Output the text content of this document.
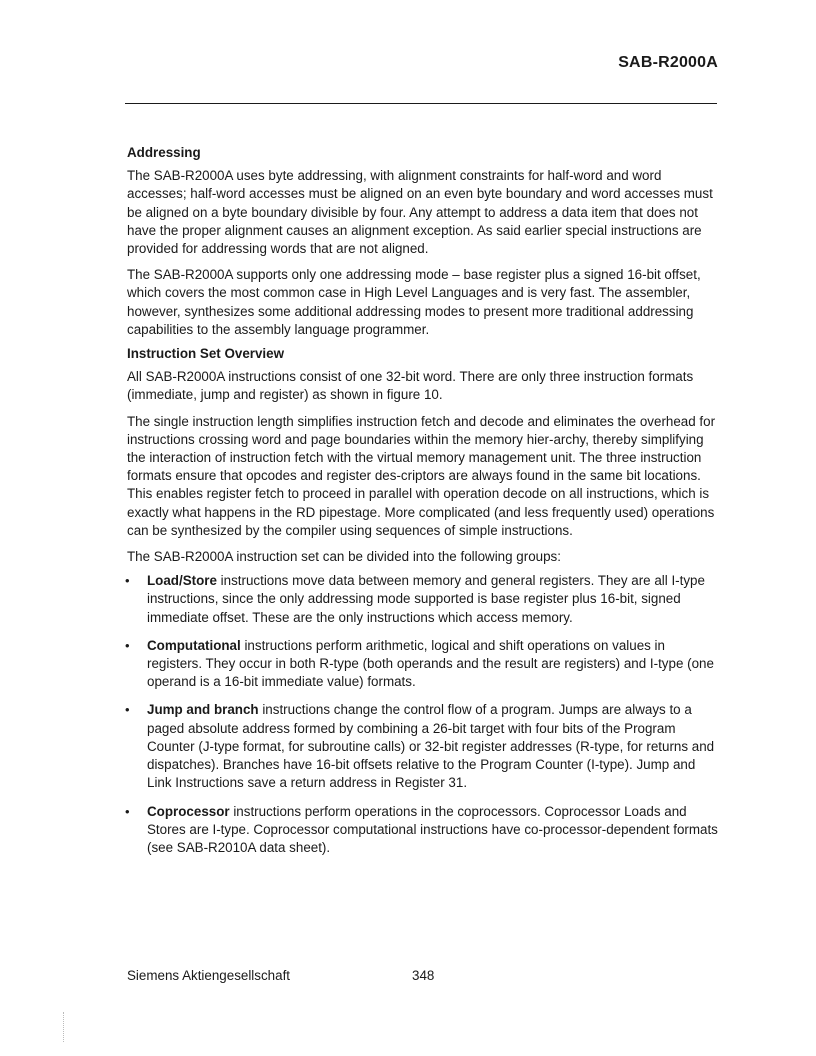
SAB-R2000A
Addressing

The SAB-R2000A uses byte addressing, with alignment constraints for half-word and word accesses; half-word accesses must be aligned on an even byte boundary and word accesses must be aligned on a byte boundary divisible by four. Any attempt to address a data item that does not have the proper alignment causes an alignment exception. As said earlier special instructions are provided for addressing words that are not aligned.

The SAB-R2000A supports only one addressing mode – base register plus a signed 16-bit offset, which covers the most common case in High Level Languages and is very fast. The assembler, however, synthesizes some additional addressing modes to present more traditional addressing capabilities to the assembly language programmer.

Instruction Set Overview

All SAB-R2000A instructions consist of one 32-bit word. There are only three instruction formats (immediate, jump and register) as shown in figure 10.

The single instruction length simplifies instruction fetch and decode and eliminates the overhead for instructions crossing word and page boundaries within the memory hier-archy, thereby simplifying the interaction of instruction fetch with the virtual memory management unit. The three instruction formats ensure that opcodes and register des-criptors are always found in the same bit locations. This enables register fetch to proceed in parallel with operation decode on all instructions, which is exactly what happens in the RD pipestage. More complicated (and less frequently used) operations can be synthesized by the compiler using sequences of simple instructions.

The SAB-R2000A instruction set can be divided into the following groups:

• Load/Store instructions move data between memory and general registers. They are all I-type instructions, since the only addressing mode supported is base register plus 16-bit, signed immediate offset. These are the only instructions which access memory.
• Computational instructions perform arithmetic, logical and shift operations on values in registers. They occur in both R-type (both operands and the result are registers) and I-type (one operand is a 16-bit immediate value) formats.
• Jump and branch instructions change the control flow of a program. Jumps are always to a paged absolute address formed by combining a 26-bit target with four bits of the Program Counter (J-type format, for subroutine calls) or 32-bit register addresses (R-type, for returns and dispatches). Branches have 16-bit offsets relative to the Program Counter (I-type). Jump and Link Instructions save a return address in Register 31.
• Coprocessor instructions perform operations in the coprocessors. Coprocessor Loads and Stores are I-type. Coprocessor computational instructions have co-processor-dependent formats (see SAB-R2010A data sheet).

Siemens Aktiengesellschaft	348
